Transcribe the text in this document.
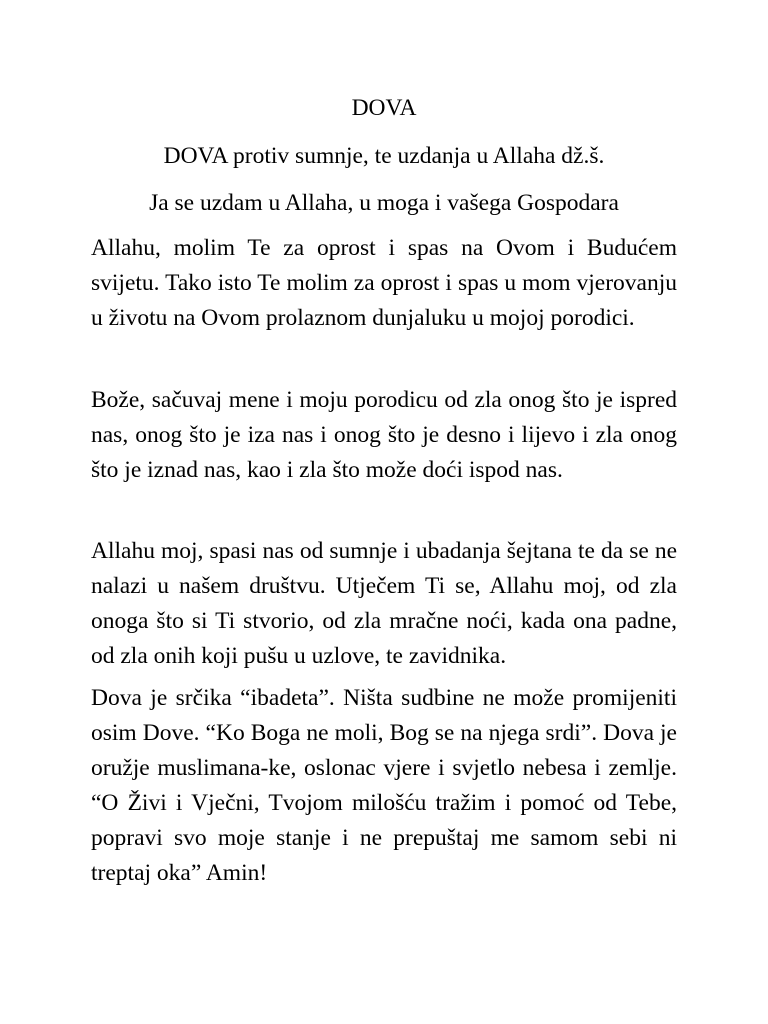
DOVA

DOVA protiv sumnje, te uzdanja u Allaha dž.š.

Ja se uzdam u Allaha, u moga i vašega Gospodara

Allahu, molim Te za oprost i spas na Ovom i Budućem svijetu. Tako isto Te molim za oprost i spas u mom vjerovanju u životu na Ovom prolaznom dunjaluku u mojoj porodici.

Bože, sačuvaj mene i moju porodicu od zla onog što je ispred nas, onog što je iza nas i onog što je desno i lijevo i zla onog što je iznad nas, kao i zla što može doći ispod nas.

Allahu moj, spasi nas od sumnje i ubadanja šejtana te da se ne nalazi u našem društvu. Utječem Ti se, Allahu moj, od zla onoga što si Ti stvorio, od zla mračne noći, kada ona padne, od zla onih koji pušu u uzlove, te zavidnika.

Dova je srčika “ibadeta”. Ništa sudbine ne može promijeniti osim Dove. “Ko Boga ne moli, Bog se na njega srdi”. Dova je oružje muslimana-ke, oslonac vjere i svjetlo nebesa i zemlje. “O Živi i Vječni, Tvojom milošću tražim i pomoć od Tebe, popravi svo moje stanje i ne prepuštaj me samom sebi ni treptaj oka” Amin!
